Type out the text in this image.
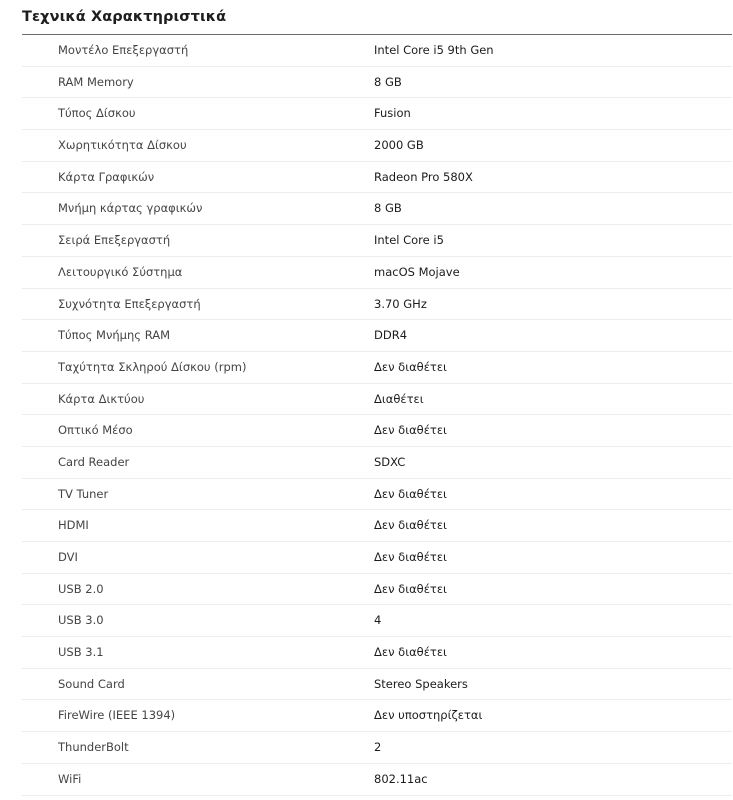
Τεχνικά Χαρακτηριστικά
Μοντέλο Επεξεργαστή	Intel Core i5 9th Gen
RAM Memory	8 GB
Τύπος Δίσκου	Fusion
Χωρητικότητα Δίσκου	2000 GB
Κάρτα Γραφικών	Radeon Pro 580X
Μνήμη κάρτας γραφικών	8 GB
Σειρά Επεξεργαστή	Intel Core i5
Λειτουργικό Σύστημα	macOS Mojave
Συχνότητα Επεξεργαστή	3.70 GHz
Τύπος Μνήμης RAM	DDR4
Ταχύτητα Σκληρού Δίσκου (rpm)	Δεν διαθέτει
Κάρτα Δικτύου	Διαθέτει
Οπτικό Μέσο	Δεν διαθέτει
Card Reader	SDXC
TV Tuner	Δεν διαθέτει
HDMI	Δεν διαθέτει
DVI	Δεν διαθέτει
USB 2.0	Δεν διαθέτει
USB 3.0	4
USB 3.1	Δεν διαθέτει
Sound Card	Stereo Speakers
FireWire (IEEE 1394)	Δεν υποστηρίζεται
ThunderBolt	2
WiFi	802.11ac
